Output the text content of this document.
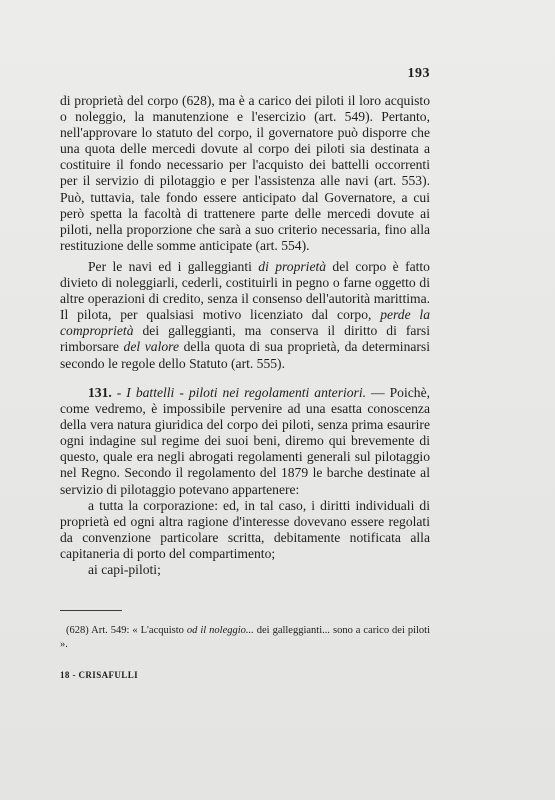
193
di proprietà del corpo (628), ma è a carico dei piloti il loro acquisto o noleggio, la manutenzione e l'esercizio (art. 549). Pertanto, nell'approvare lo statuto del corpo, il governatore può disporre che una quota delle mercedi dovute al corpo dei piloti sia destinata a costituire il fondo necessario per l'acquisto dei battelli occorrenti per il servizio di pilotaggio e per l'assistenza alle navi (art. 553). Può, tuttavia, tale fondo essere anticipato dal Governatore, a cui però spetta la facoltà di trattenere parte delle mercedi dovute ai piloti, nella proporzione che sarà a suo criterio necessaria, fino alla restituzione delle somme anticipate (art. 554).
Per le navi ed i galleggianti di proprietà del corpo è fatto divieto di noleggiarli, cederli, costituirli in pegno o farne oggetto di altre operazioni di credito, senza il consenso dell'autorità marittima. Il pilota, per qualsiasi motivo licenziato dal corpo, perde la comproprietà dei galleggianti, ma conserva il diritto di farsi rimborsare del valore della quota di sua proprietà, da determinarsi secondo le regole dello Statuto (art. 555).
131. - I battelli - piloti nei regolamenti anteriori. — Poichè, come vedremo, è impossibile pervenire ad una esatta conoscenza della vera natura giuridica del corpo dei piloti, senza prima esaurire ogni indagine sul regime dei suoi beni, diremo qui brevemente di questo, quale era negli abrogati regolamenti generali sul pilotaggio nel Regno. Secondo il regolamento del 1879 le barche destinate al servizio di pilotaggio potevano appartenere:
a tutta la corporazione: ed, in tal caso, i diritti individuali di proprietà ed ogni altra ragione d'interesse dovevano essere regolati da convenzione particolare scritta, debitamente notificata alla capitaneria di porto del compartimento;
ai capi-piloti;
(628) Art. 549: « L'acquisto od il noleggio... dei galleggianti... sono a carico dei piloti ».
18 - CRISAFULLI
